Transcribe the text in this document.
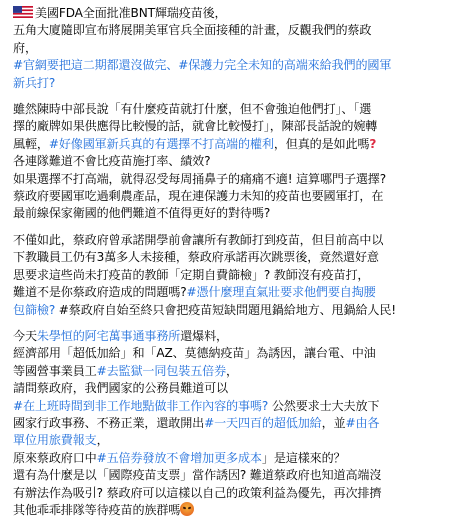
美國FDA全面批准BNT輝瑞疫苗後，
五角大廈隨即宣布將展開美軍官兵全面接種的計畫，反觀我們的蔡政
府，
#官網要把這二期都還沒做完、#保護力完全未知的高端來給我們的國軍
新兵打?
雖然陳時中部長說「有什麼疫苗就打什麼，但不會強迫他們打」、「選
擇的廠牌如果供應得比較慢的話，就會比較慢打」，陳部長話說的婉轉
風輕，#好像國軍新兵真的有選擇不打高端的權利，但真的是如此嗎?
各連隊難道不會比疫苗施打率、績效?
如果選擇不打高端，就得忍受每周捅鼻子的痛痛不適! 這算哪門子選擇?
蔡政府要國軍吃過剩農產品，現在連保護力未知的疫苗也要國軍打，在
最前線保家衛國的他們難道不值得更好的對待嗎?
不僅如此，蔡政府曾承諾開學前會讓所有教師打到疫苗，但目前高中以
下教職員工仍有3萬多人未接種，蔡政府承諾再次跳票後，竟然還好意
思要求這些尚未打疫苗的教師「定期自費篩檢」? 教師沒有疫苗打，
難道不是你蔡政府造成的問題嗎?#憑什麼理直氣壯要求他們要自掏腰
包篩檢? #蔡政府自始至終只會把疫苗短缺問題甩鍋給地方、甩鍋給人民!
今天朱學恒的阿宅萬事通事務所還爆料，
經濟部用「超低加給」和「AZ、莫德納疫苗」為誘因，讓台電、中油
等國營事業員工#去監獄一同包裝五倍券，
請問蔡政府，我們國家的公務員難道可以
#在上班時間到非工作地點做非工作內容的事嗎? 公然要求士大夫放下
國家行政事務、不務正業，還敢開出#一天四百的超低加給，並#由各
單位用旅費報支，
原來蔡政府口中#五倍券發放不會增加更多成本」是這樣來的？
還有為什麼是以「國際疫苗支票」當作誘因? 難道蔡政府也知道高端沒
有辦法作為吸引? 蔡政府可以這樣以自己的政策利益為優先，再次排擠
其他乖乖排隊等待疫苗的族群嗎
